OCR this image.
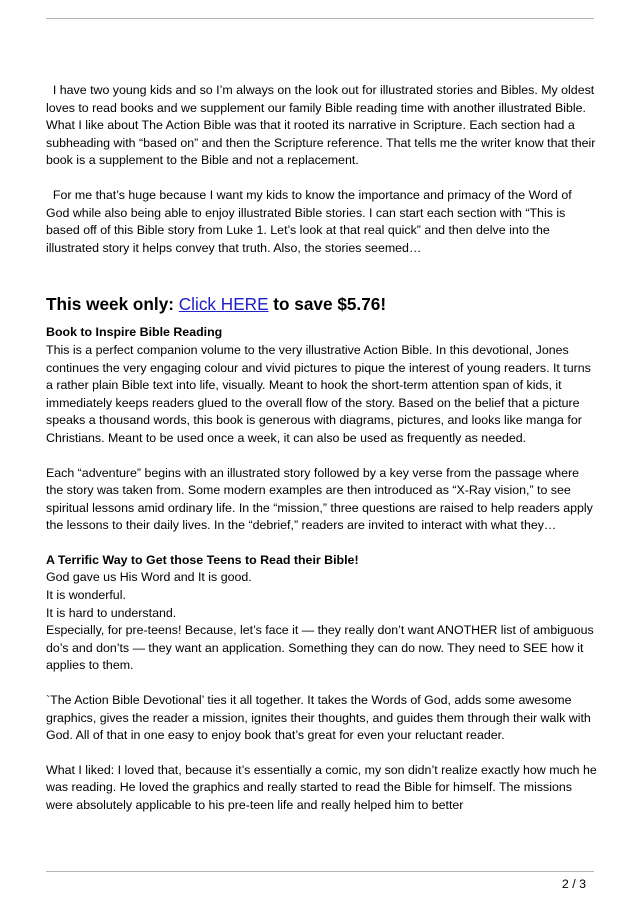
I have two young kids and so I’m always on the look out for illustrated stories and Bibles. My oldest loves to read books and we supplement our family Bible reading time with another illustrated Bible. What I like about The Action Bible was that it rooted its narrative in Scripture. Each section had a subheading with “based on” and then the Scripture reference. That tells me the writer know that their book is a supplement to the Bible and not a replacement.

For me that’s huge because I want my kids to know the importance and primacy of the Word of God while also being able to enjoy illustrated Bible stories. I can start each section with “This is based off of this Bible story from Luke 1. Let’s look at that real quick” and then delve into the illustrated story it helps convey that truth. Also, the stories seemed…

This week only: Click HERE to save $5.76!

Book to Inspire Bible Reading

This is a perfect companion volume to the very illustrative Action Bible. In this devotional, Jones continues the very engaging colour and vivid pictures to pique the interest of young readers. It turns a rather plain Bible text into life, visually. Meant to hook the short-term attention span of kids, it immediately keeps readers glued to the overall flow of the story. Based on the belief that a picture speaks a thousand words, this book is generous with diagrams, pictures, and looks like manga for Christians. Meant to be used once a week, it can also be used as frequently as needed.

Each “adventure” begins with an illustrated story followed by a key verse from the passage where the story was taken from. Some modern examples are then introduced as “X-Ray vision,” to see spiritual lessons amid ordinary life. In the “mission,” three questions are raised to help readers apply the lessons to their daily lives. In the “debrief,” readers are invited to interact with what they…

A Terrific Way to Get those Teens to Read their Bible!

God gave us His Word and It is good.

It is wonderful.

It is hard to understand.

Especially, for pre-teens! Because, let’s face it — they really don’t want ANOTHER list of ambiguous do’s and don’ts — they want an application. Something they can do now. They need to SEE how it applies to them.

`The Action Bible Devotional’ ties it all together. It takes the Words of God, adds some awesome graphics, gives the reader a mission, ignites their thoughts, and guides them through their walk with God. All of that in one easy to enjoy book that’s great for even your reluctant reader.

What I liked: I loved that, because it’s essentially a comic, my son didn’t realize exactly how much he was reading. He loved the graphics and really started to read the Bible for himself. The missions were absolutely applicable to his pre-teen life and really helped him to better

2 / 3
